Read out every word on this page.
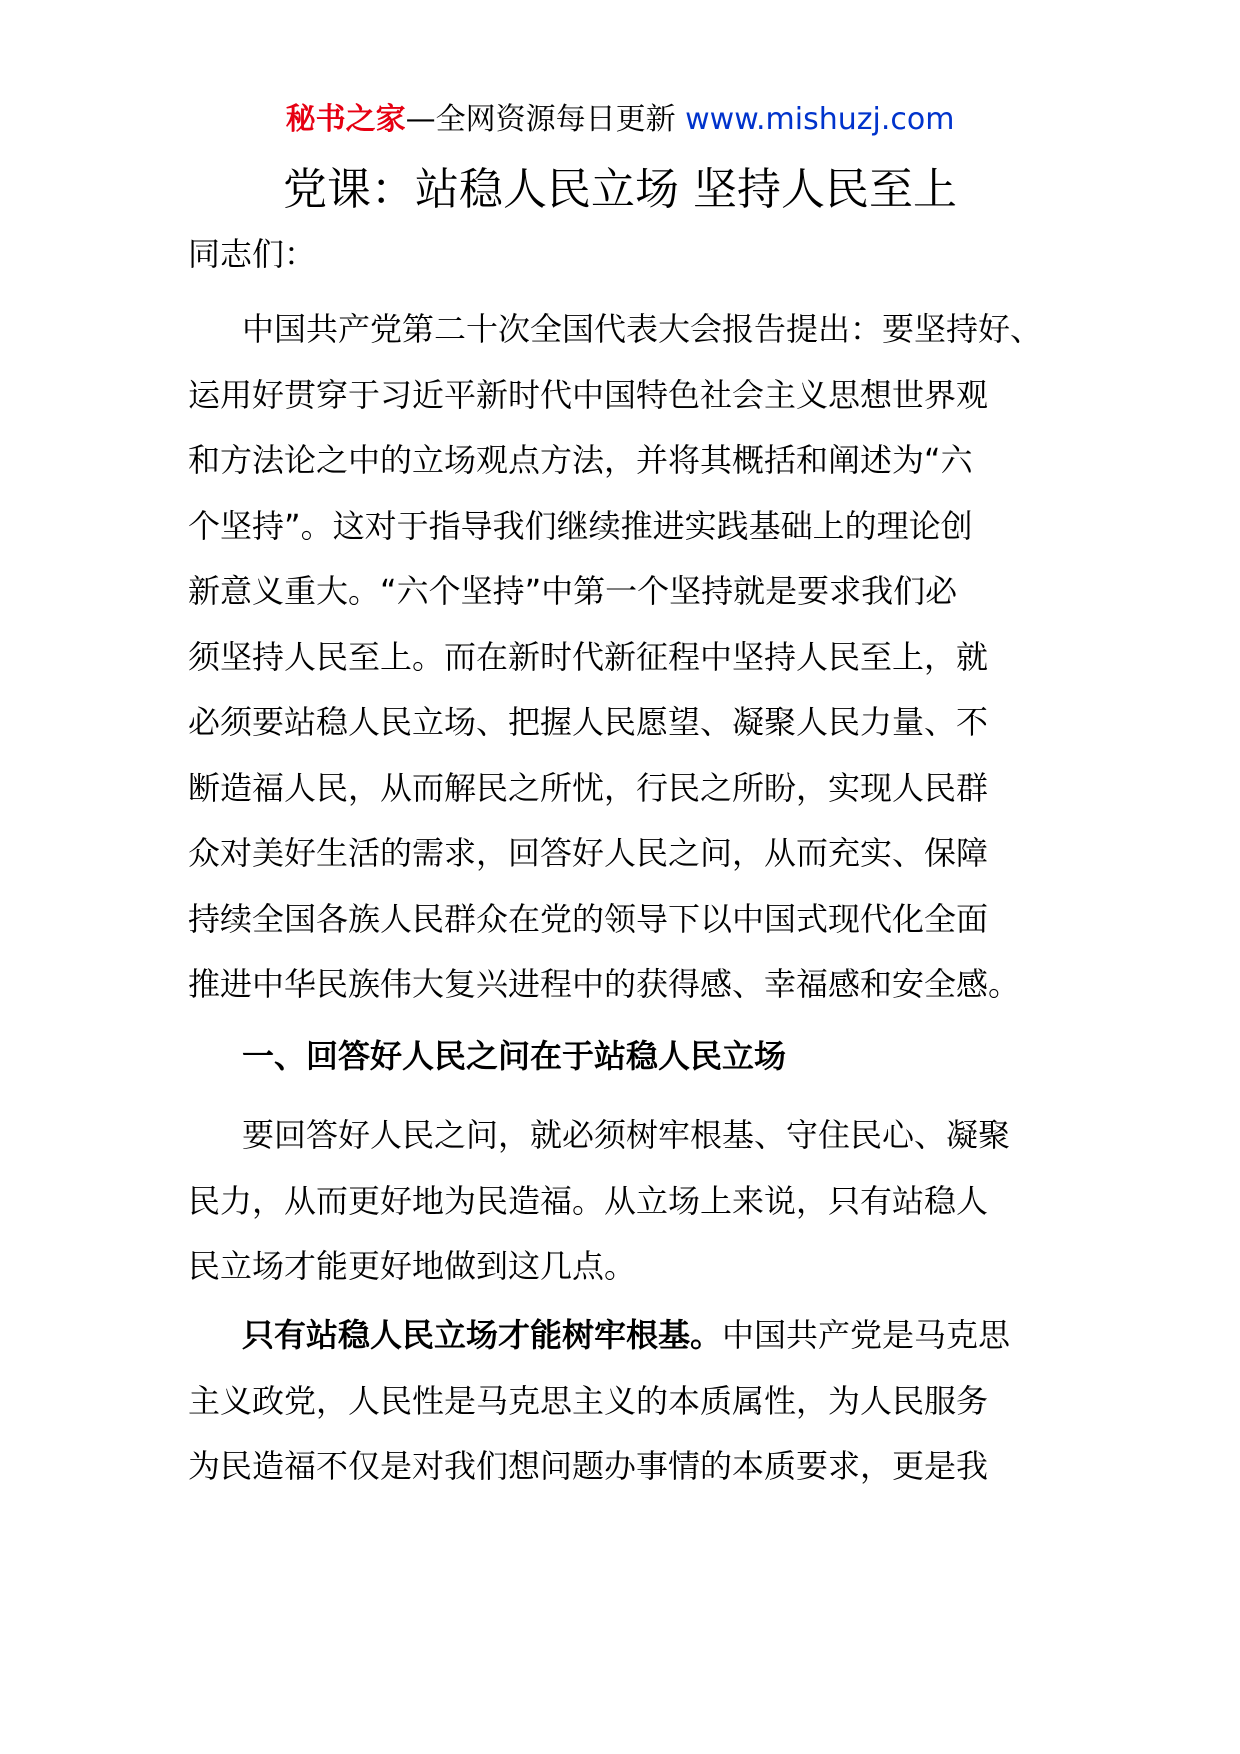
秘书之家—全网资源每日更新 www.mishuzj.com
党课：站稳人民立场 坚持人民至上
同志们：
中国共产党第二十次全国代表大会报告提出：要坚持好、
运用好贯穿于习近平新时代中国特色社会主义思想世界观
和方法论之中的立场观点方法，并将其概括和阐述为“六
个坚持”。这对于指导我们继续推进实践基础上的理论创
新意义重大。“六个坚持”中第一个坚持就是要求我们必
须坚持人民至上。而在新时代新征程中坚持人民至上，就
必须要站稳人民立场、把握人民愿望、凝聚人民力量、不
断造福人民，从而解民之所忧，行民之所盼，实现人民群
众对美好生活的需求，回答好人民之问，从而充实、保障
持续全国各族人民群众在党的领导下以中国式现代化全面
推进中华民族伟大复兴进程中的获得感、幸福感和安全感。
一、回答好人民之问在于站稳人民立场
要回答好人民之问，就必须树牢根基、守住民心、凝聚
民力，从而更好地为民造福。从立场上来说，只有站稳人
民立场才能更好地做到这几点。
只有站稳人民立场才能树牢根基。中国共产党是马克思
主义政党，人民性是马克思主义的本质属性，为人民服务
为民造福不仅是对我们想问题办事情的本质要求，更是我
